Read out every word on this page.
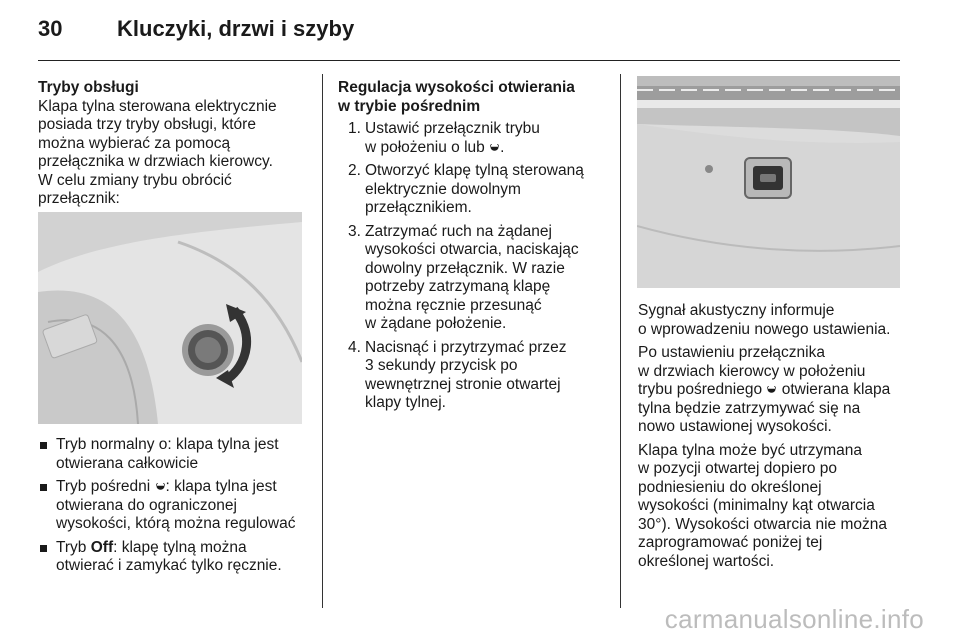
30 Kluczyki, drzwi i szyby

Tryby obsługi

Klapa tylna sterowana elektrycznie

posiada trzy tryby obsługi, które

można wybierać za pomocą

przełącznika w drzwiach kierowcy.

W celu zmiany trybu obrócić

przełącznik:

Tryb normalny o: klapa tylna jest
otwierana całkowicie
Tryb pośredni : klapa tylna jest
otwierana do ograniczonej
wysokości, którą można regulować
Tryb Off: klapę tylną można
otwierać i zamykać tylko ręcznie.

Regulacja wysokości otwierania

w trybie pośrednim

1. Ustawić przełącznik trybu
w położeniu o lub .
2. Otworzyć klapę tylną sterowaną
elektrycznie dowolnym
przełącznikiem.
3. Zatrzymać ruch na żądanej
wysokości otwarcia, naciskając
dowolny przełącznik. W razie
potrzeby zatrzymaną klapę
można ręcznie przesunąć
w żądane położenie.
4. Nacisnąć i przytrzymać przez
3 sekundy przycisk po
wewnętrznej stronie otwartej
klapy tylnej.

Sygnał akustyczny informuje

o wprowadzeniu nowego ustawienia.

Po ustawieniu przełącznika

w drzwiach kierowcy w położeniu

trybu pośredniego  otwierana klapa

tylna będzie zatrzymywać się na

nowo ustawionej wysokości.

Klapa tylna może być utrzymana

w pozycji otwartej dopiero po

podniesieniu do określonej

wysokości (minimalny kąt otwarcia

30°). Wysokości otwarcia nie można

zaprogramować poniżej tej

określonej wartości.

carmanualsonline.info
